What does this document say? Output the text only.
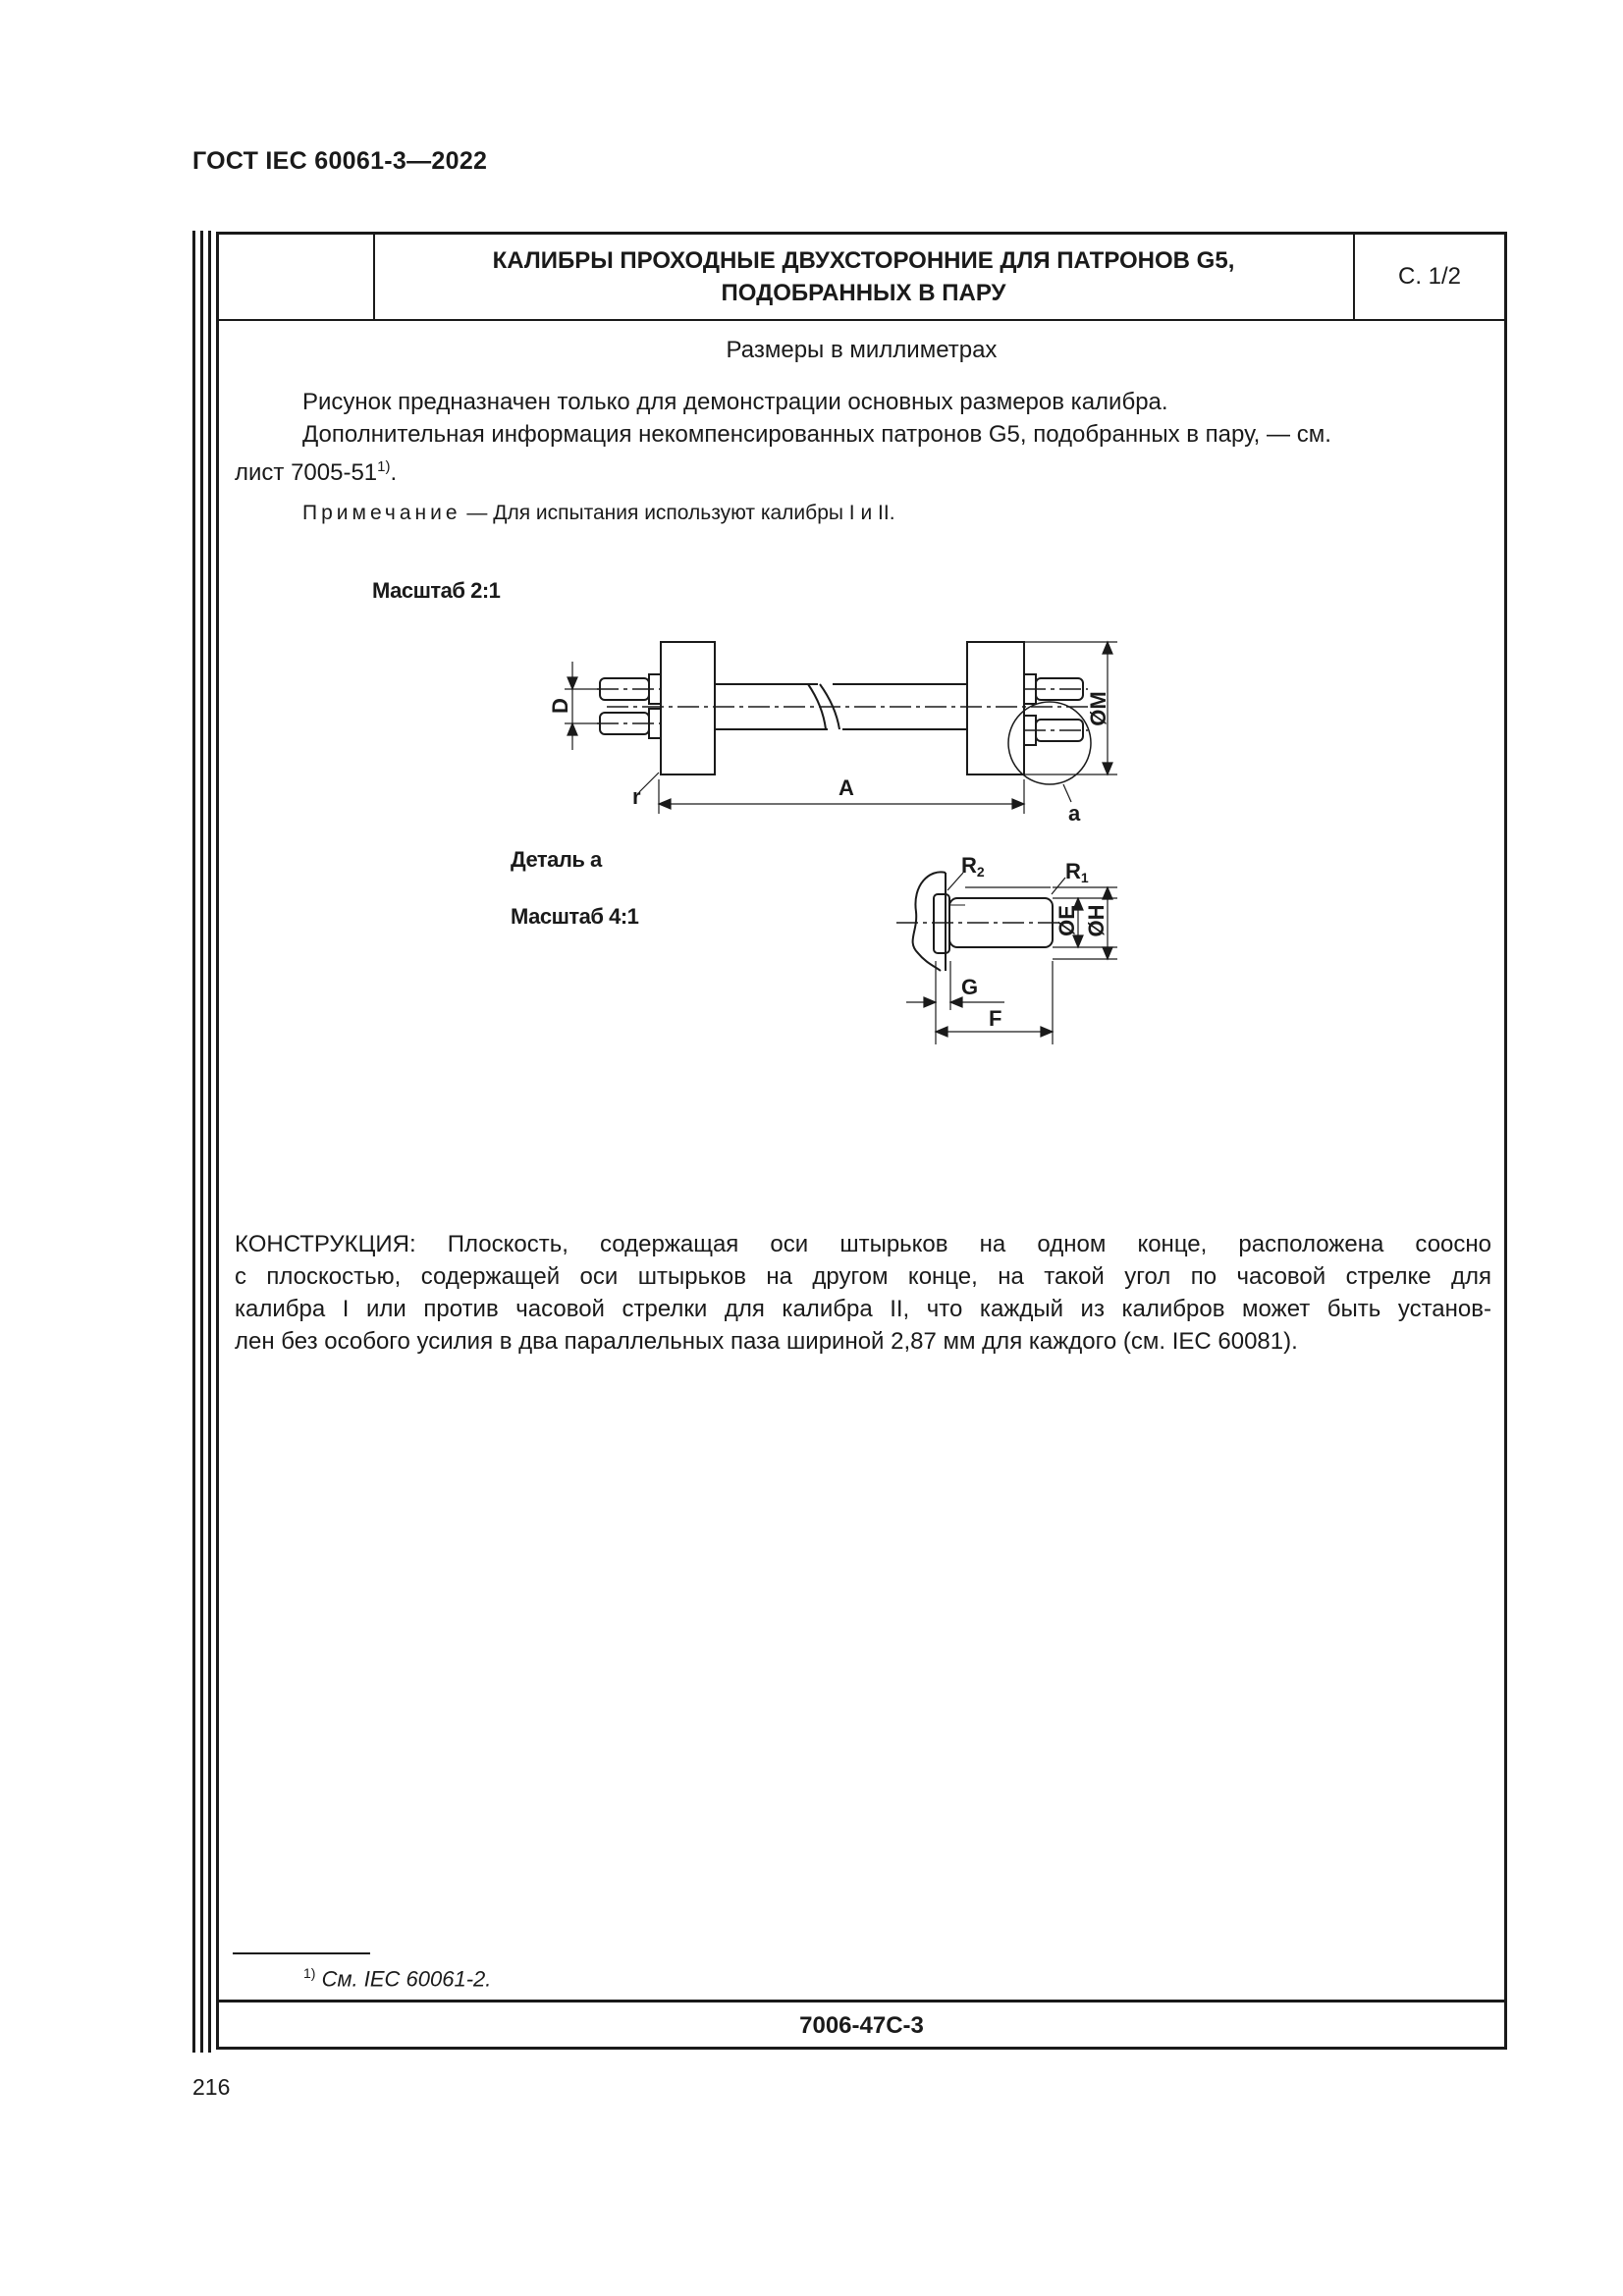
ГОСТ IEC 60061-3—2022
КАЛИБРЫ ПРОХОДНЫЕ ДВУХСТОРОННИЕ ДЛЯ ПАТРОНОВ G5,
ПОДОБРАННЫХ В ПАРУ
С. 1/2
Размеры в миллиметрах
Рисунок предназначен только для демонстрации основных размеров калибра.
Дополнительная информация некомпенсированных патронов G5, подобранных в пару, — см.
лист 7005-51$^{1)}$.
Примечание — Для испытания используют калибры I и II.
Масштаб 2:1
D	ØM
r	A
a
R2	R1
ØE ØH
G
F
Деталь a
Масштаб 4:1
КОНСТРУКЦИЯ: Плоскость, содержащая оси штырьков на одном конце, расположена соосно
с плоскостью, содержащей оси штырьков на другом конце, на такой угол по часовой стрелке для
калибра I или против часовой стрелки для калибра II, что каждый из калибров может быть установ-
лен без особого усилия в два параллельных паза шириной 2,87 мм для каждого (см. IEC 60081).
$^{1)}$ См. IEC 60061-2.
7006-47C-3
216
